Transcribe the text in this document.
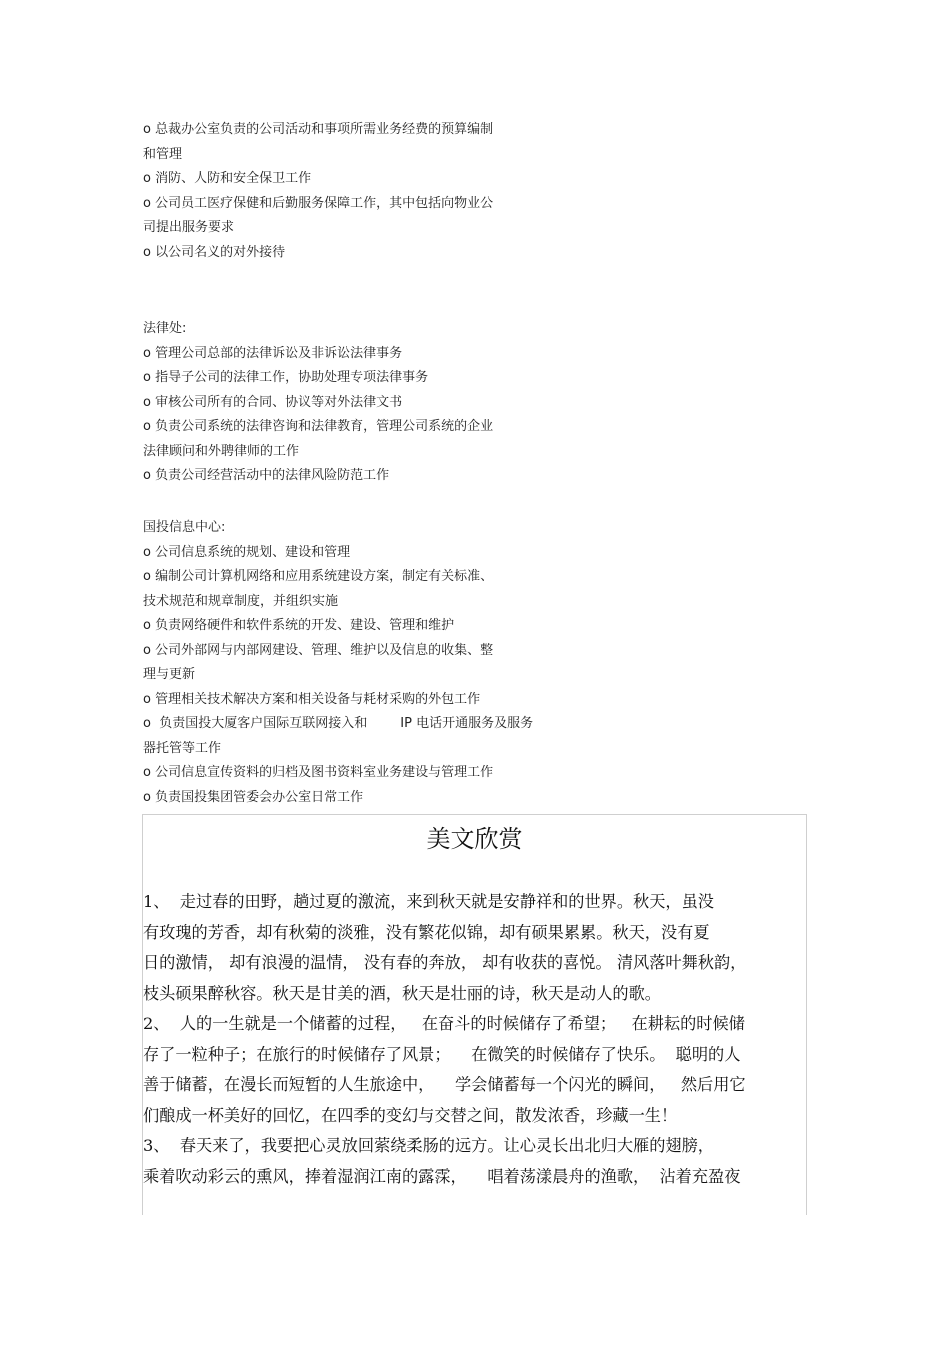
o 总裁办公室负责的公司活动和事项所需业务经费的预算编制
和管理

o 消防、人防和安全保卫工作

o 公司员工医疗保健和后勤服务保障工作，其中包括向物业公
司提出服务要求

o 以公司名义的对外接待

法律处:

o 管理公司总部的法律诉讼及非诉讼法律事务

o 指导子公司的法律工作，协助处理专项法律事务

o 审核公司所有的合同、协议等对外法律文书

o 负责公司系统的法律咨询和法律教育，管理公司系统的企业
法律顾问和外聘律师的工作

o 负责公司经营活动中的法律风险防范工作

国投信息中心:

o 公司信息系统的规划、建设和管理

o 编制公司计算机网络和应用系统建设方案，制定有关标准、
技术规范和规章制度，并组织实施

o 负责网络硬件和软件系统的开发、建设、管理和维护

o 公司外部网与内部网建设、管理、维护以及信息的收集、整
理与更新

o 管理相关技术解决方案和相关设备与耗材采购的外包工作

o  负责国投大厦客户国际互联网接入和        IP 电话开通服务及服务
器托管等工作

o 公司信息宣传资料的归档及图书资料室业务建设与管理工作

o 负责国投集团管委会办公室日常工作

美文欣赏

1、  走过春的田野，趟过夏的激流，来到秋天就是安静祥和的世界。秋天，虽没
有玫瑰的芳香，却有秋菊的淡雅，没有繁花似锦，却有硕果累累。秋天，没有夏
日的激情， 却有浪漫的温情， 没有春的奔放， 却有收获的喜悦。 清风落叶舞秋韵，
枝头硕果醉秋容。秋天是甘美的酒，秋天是壮丽的诗，秋天是动人的歌。

2、  人的一生就是一个储蓄的过程，   在奋斗的时候储存了希望；   在耕耘的时候储
存了一粒种子；在旅行的时候储存了风景；    在微笑的时候储存了快乐。  聪明的人
善于储蓄，在漫长而短暂的人生旅途中，    学会储蓄每一个闪光的瞬间，   然后用它
们酿成一杯美好的回忆，在四季的变幻与交替之间，散发浓香，珍藏一生！

3、  春天来了，我要把心灵放回萦绕柔肠的远方。让心灵长出北归大雁的翅膀，
乘着吹动彩云的熏风，捧着湿润江南的露霂，    唱着荡漾晨舟的渔歌，  沾着充盈夜
